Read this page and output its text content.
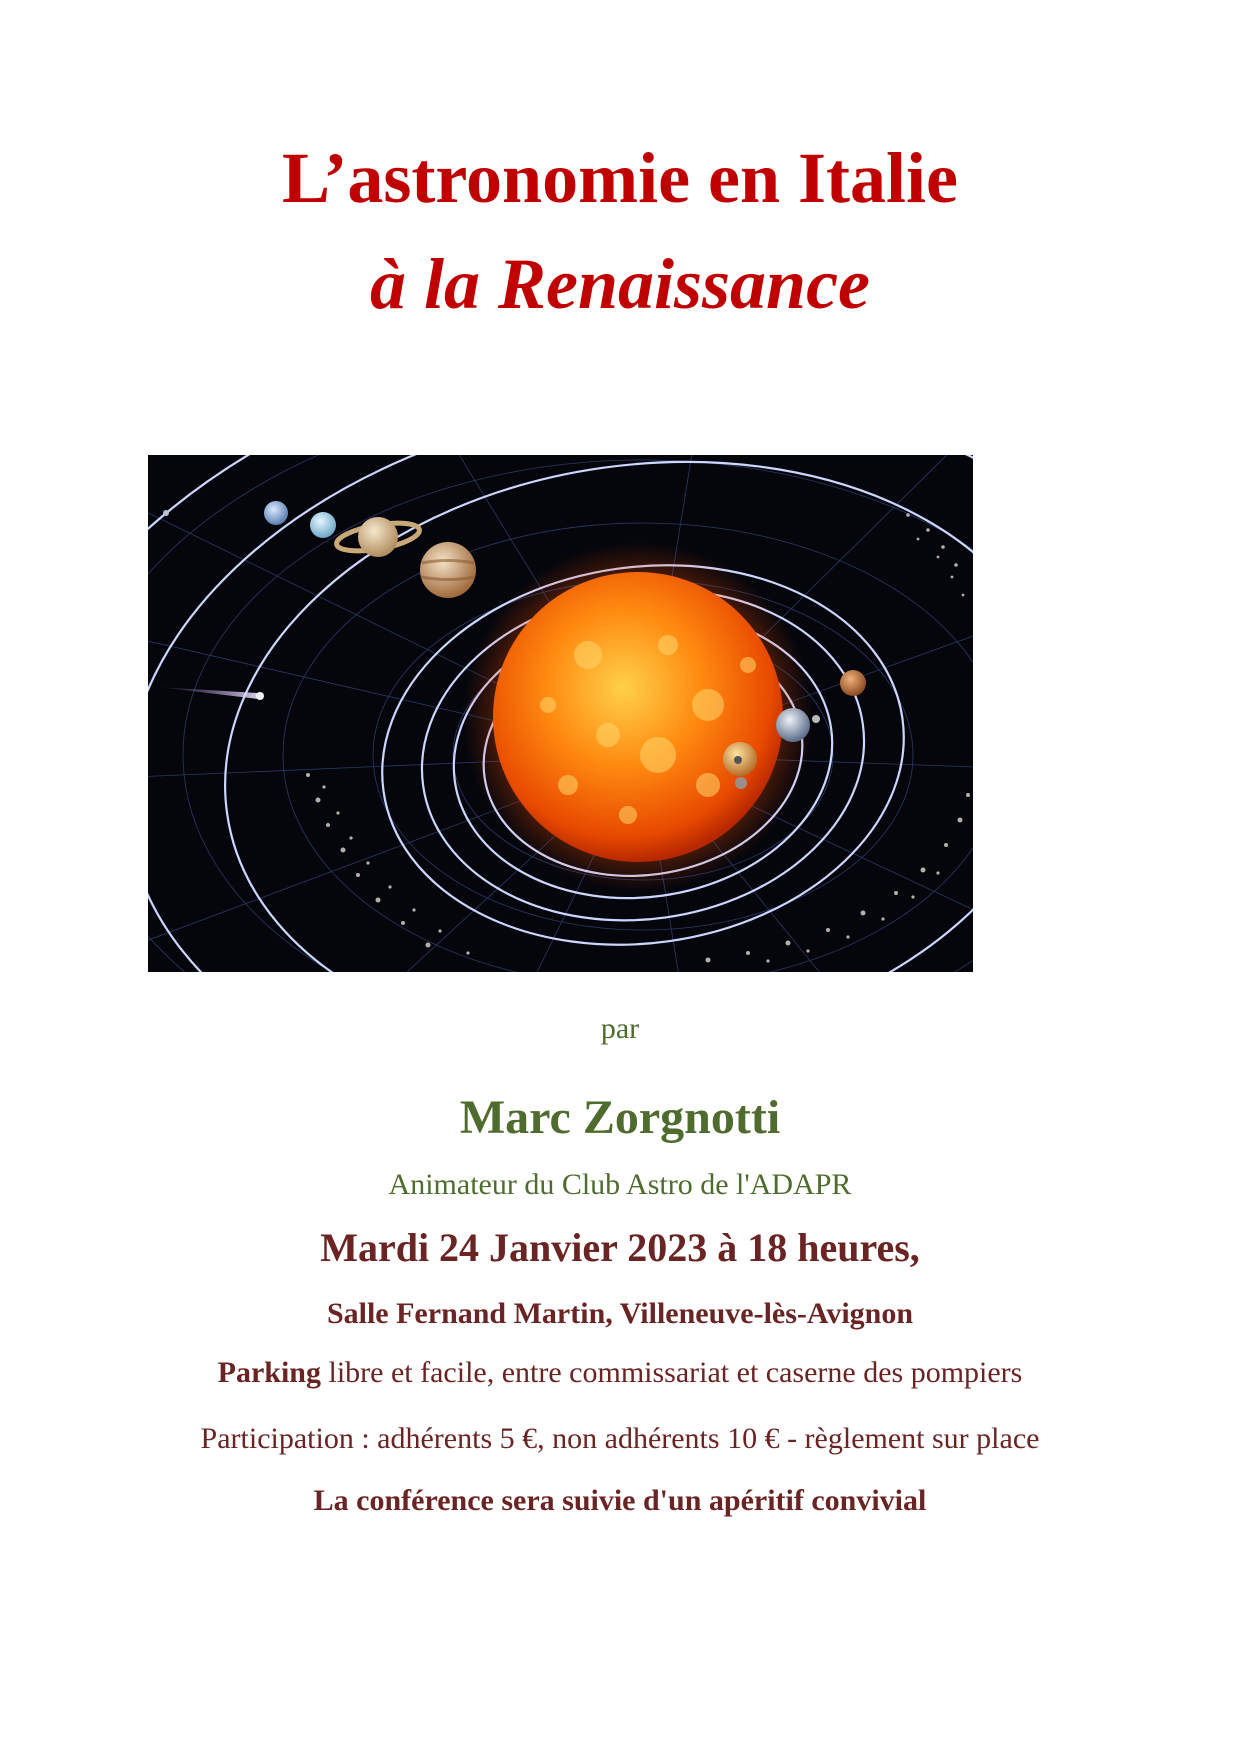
L’astronomie en Italie
à la Renaissance

par

Marc Zorgnotti

Animateur du Club Astro de l'ADAPR

Mardi 24 Janvier 2023 à 18 heures,

Salle Fernand Martin, Villeneuve-lès-Avignon

Parking libre et facile, entre commissariat et caserne des pompiers

Participation : adhérents 5 €, non adhérents 10 € - règlement sur place

La conférence sera suivie d'un apéritif convivial
